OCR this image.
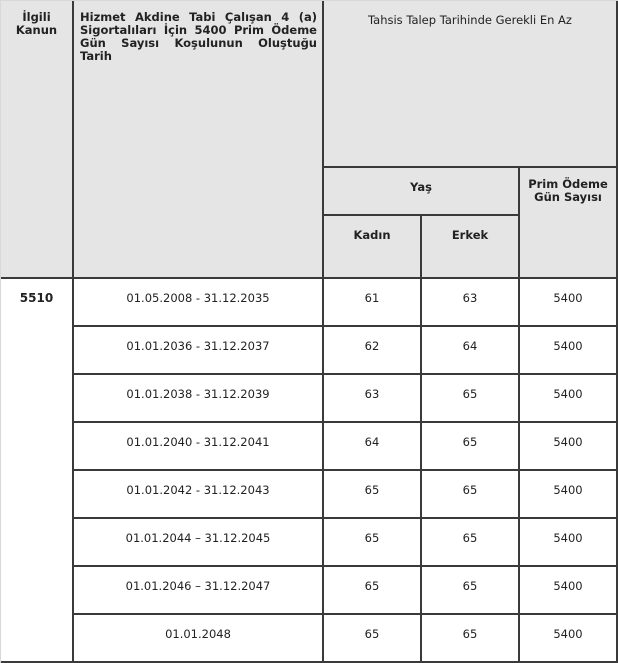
İlgili
Kanun	Hizmet Akdine Tabi Çalışan 4 (a) Sigortalıları İçin 5400 Prim Ödeme Gün Sayısı Koşulunun Oluştuğu Tarih	Tahsis Talep Tarihinde Gerekli En Az		
		Yaş		Prim Ödeme
Gün Sayısı
		Kadın	Erkek	
5510	01.05.2008 - 31.12.2035	61	63	5400
	01.01.2036 - 31.12.2037	62	64	5400
	01.01.2038 - 31.12.2039	63	65	5400
	01.01.2040 - 31.12.2041	64	65	5400
	01.01.2042 - 31.12.2043	65	65	5400
	01.01.2044 – 31.12.2045	65	65	5400
	01.01.2046 – 31.12.2047	65	65	5400
	01.01.2048	65	65	5400
